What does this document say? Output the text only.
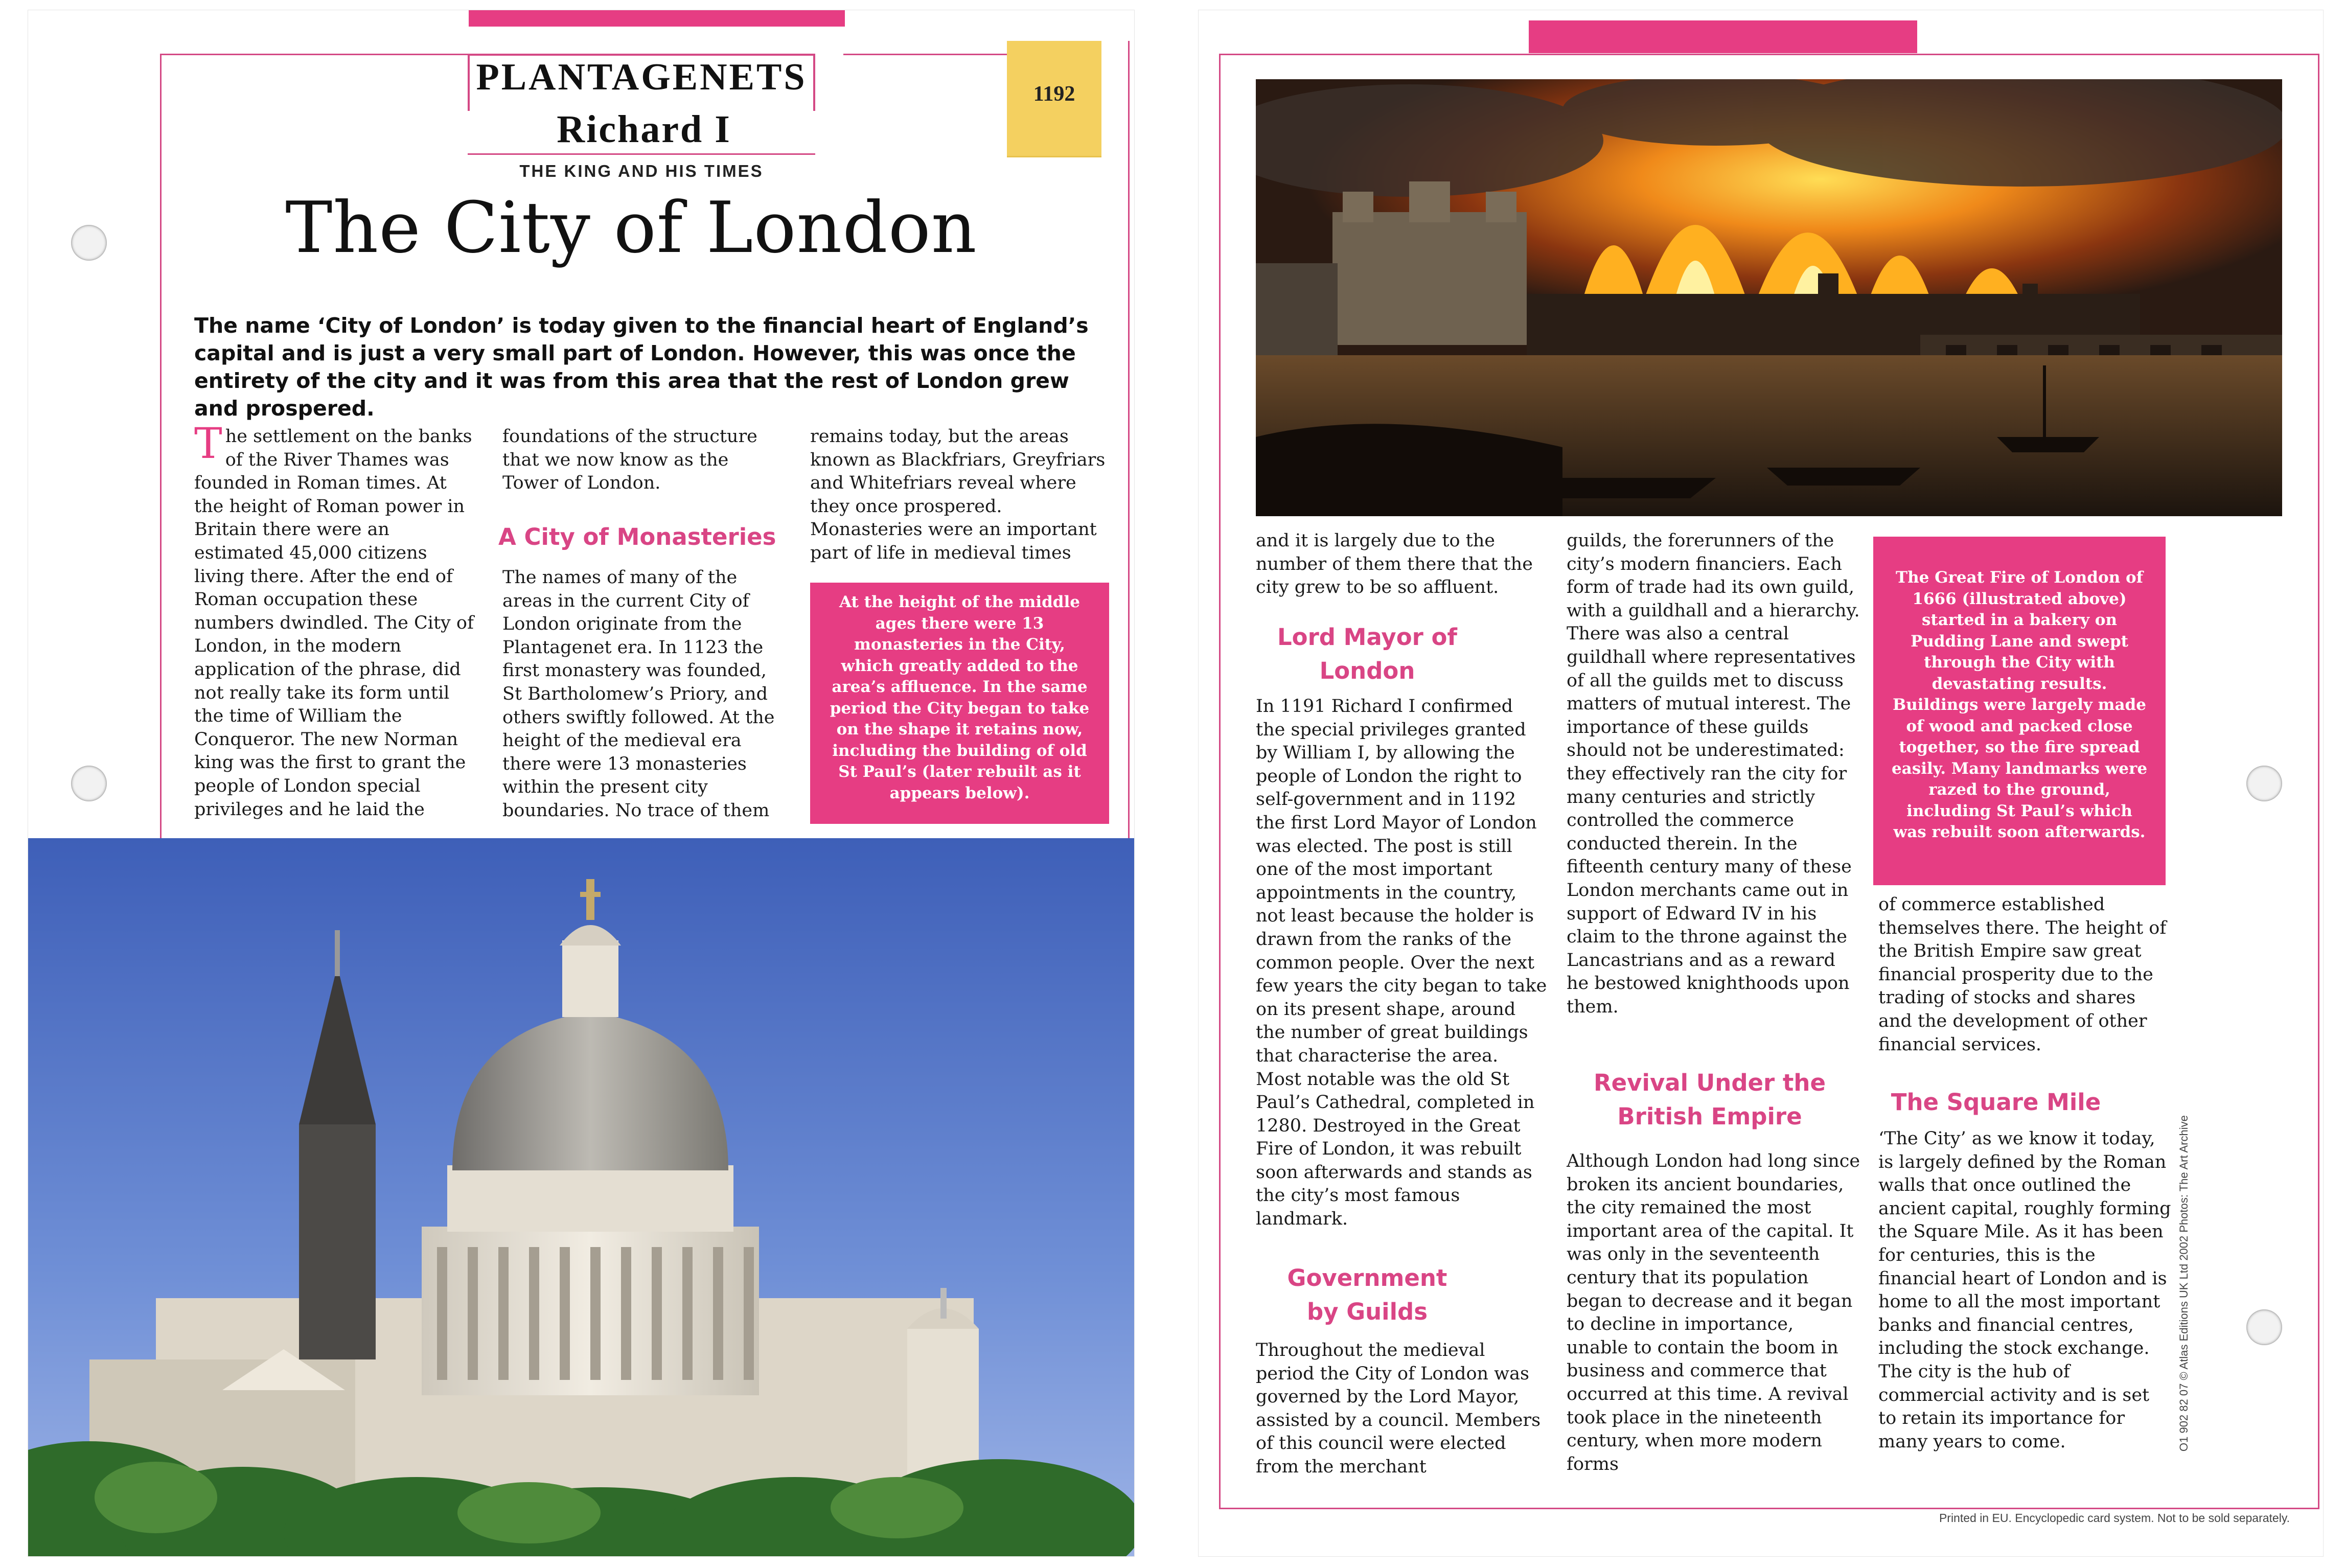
PLANTAGENETS
Richard I
THE KING AND HIS TIMES
1192
The City of London
The name ‘City of London’ is today given to the financial heart of England’s capital and is just a very small part of London. However, this was once the entirety of the city and it was from this area that the rest of London grew and prospered.
T he settlement on the banks of the River Thames was founded in Roman times. At the height of Roman power in Britain there were an estimated 45,000 citizens living there. After the end of Roman occupation these numbers dwindled. The City of London, in the modern application of the phrase, did not really take its form until the time of William the Conqueror. The new Norman king was the first to grant the people of London special privileges and he laid the
foundations of the structure that we now know as the Tower of London.
A City of Monasteries
The names of many of the areas in the current City of London originate from the Plantagenet era. In 1123 the first monastery was founded, St Bartholomew’s Priory, and others swiftly followed. At the height of the medieval era there were 13 monasteries within the present city boundaries. No trace of them
remains today, but the areas known as Blackfriars, Greyfriars and Whitefriars reveal where they once prospered. Monasteries were an important part of life in medieval times
At the height of the middle ages there were 13 monasteries in the City, which greatly added to the area’s affluence. In the same period the City began to take on the shape it retains now, including the building of old St Paul’s (later rebuilt as it appears below).
and it is largely due to the number of them there that the city grew to be so affluent.
Lord Mayor of London
In 1191 Richard I confirmed the special privileges granted by William I, by allowing the people of London the right to self-government and in 1192 the first Lord Mayor of London was elected. The post is still one of the most important appointments in the country, not least because the holder is drawn from the ranks of the common people. Over the next few years the city began to take on its present shape, around the number of great buildings that characterise the area. Most notable was the old St Paul’s Cathedral, completed in 1280. Destroyed in the Great Fire of London, it was rebuilt soon afterwards and stands as the city’s most famous landmark.
Government by Guilds
Throughout the medieval period the City of London was governed by the Lord Mayor, assisted by a council. Members of this council were elected from the merchant
guilds, the forerunners of the city’s modern financiers. Each form of trade had its own guild, with a guildhall and a hierarchy. There was also a central guildhall where representatives of all the guilds met to discuss matters of mutual interest. The importance of these guilds should not be underestimated: they effectively ran the city for many centuries and strictly controlled the commerce conducted therein. In the fifteenth century many of these London merchants came out in support of Edward IV in his claim to the throne against the Lancastrians and as a reward he bestowed knighthoods upon them.
Revival Under the British Empire
Although London had long since broken its ancient boundaries, the city remained the most important area of the capital. It was only in the seventeenth century that its population began to decrease and it began to decline in importance, unable to contain the boom in business and commerce that occurred at this time. A revival took place in the nineteenth century, when more modern forms
The Great Fire of London of 1666 (illustrated above) started in a bakery on Pudding Lane and swept through the City with devastating results. Buildings were largely made of wood and packed close together, so the fire spread easily. Many landmarks were razed to the ground, including St Paul’s which was rebuilt soon afterwards.
of commerce established themselves there. The height of the British Empire saw great financial prosperity due to the trading of stocks and shares and the development of other financial services.
The Square Mile
‘The City’ as we know it today, is largely defined by the Roman walls that once outlined the ancient capital, roughly forming the Square Mile. As it has been for centuries, this is the financial heart of London and is home to all the most important banks and financial centres, including the stock exchange. The city is the hub of commercial activity and is set to retain its importance for many years to come.
Printed in EU. Encyclopedic card system. Not to be sold separately.
O1 902 82 07 © Atlas Editions UK Ltd 2002 Photos: The Art Archive
